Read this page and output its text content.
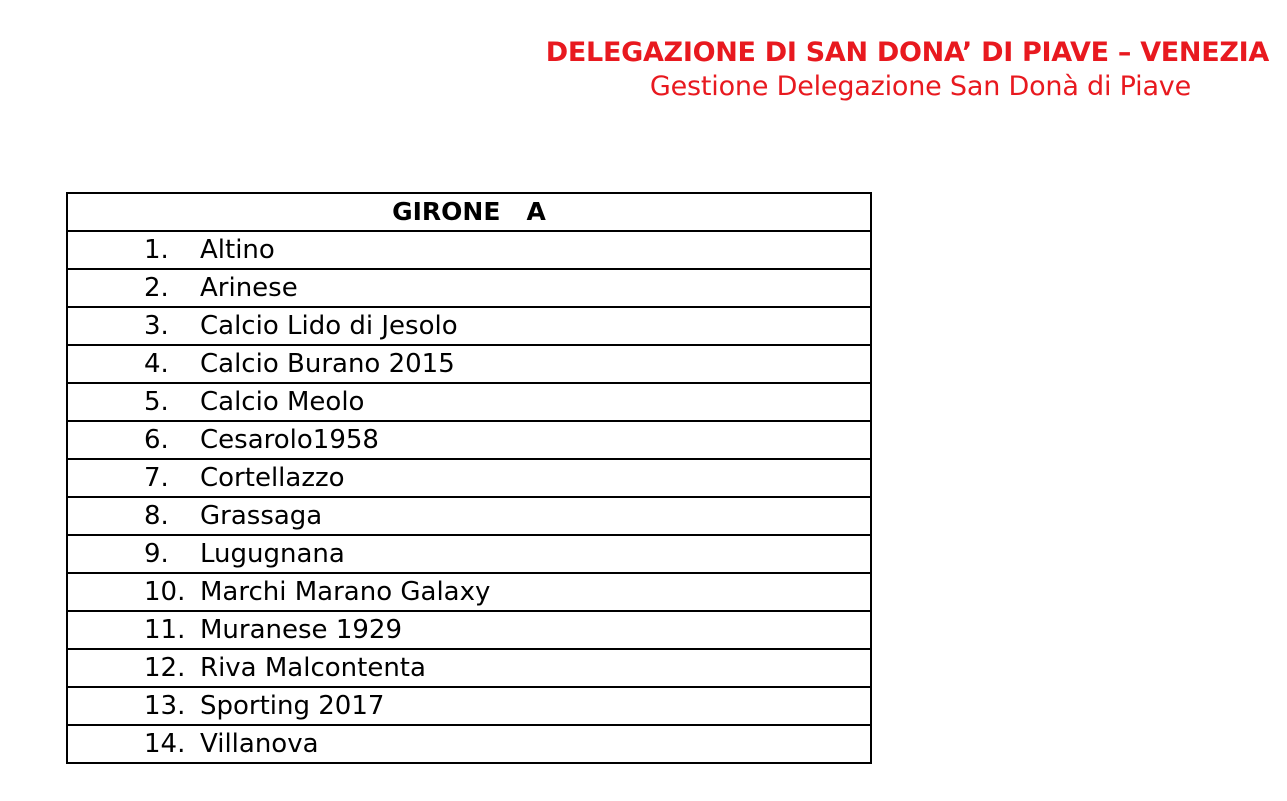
DELEGAZIONE DI SAN DONA’ DI PIAVE – VENEZIA
Gestione Delegazione San Donà di Piave
GIRONE   A
1. Altino
2. Arinese
3. Calcio Lido di Jesolo
4. Calcio Burano 2015
5. Calcio Meolo
6. Cesarolo1958
7. Cortellazzo
8. Grassaga
9. Lugugnana
10. Marchi Marano Galaxy
11. Muranese 1929
12. Riva Malcontenta
13. Sporting 2017
14. Villanova
